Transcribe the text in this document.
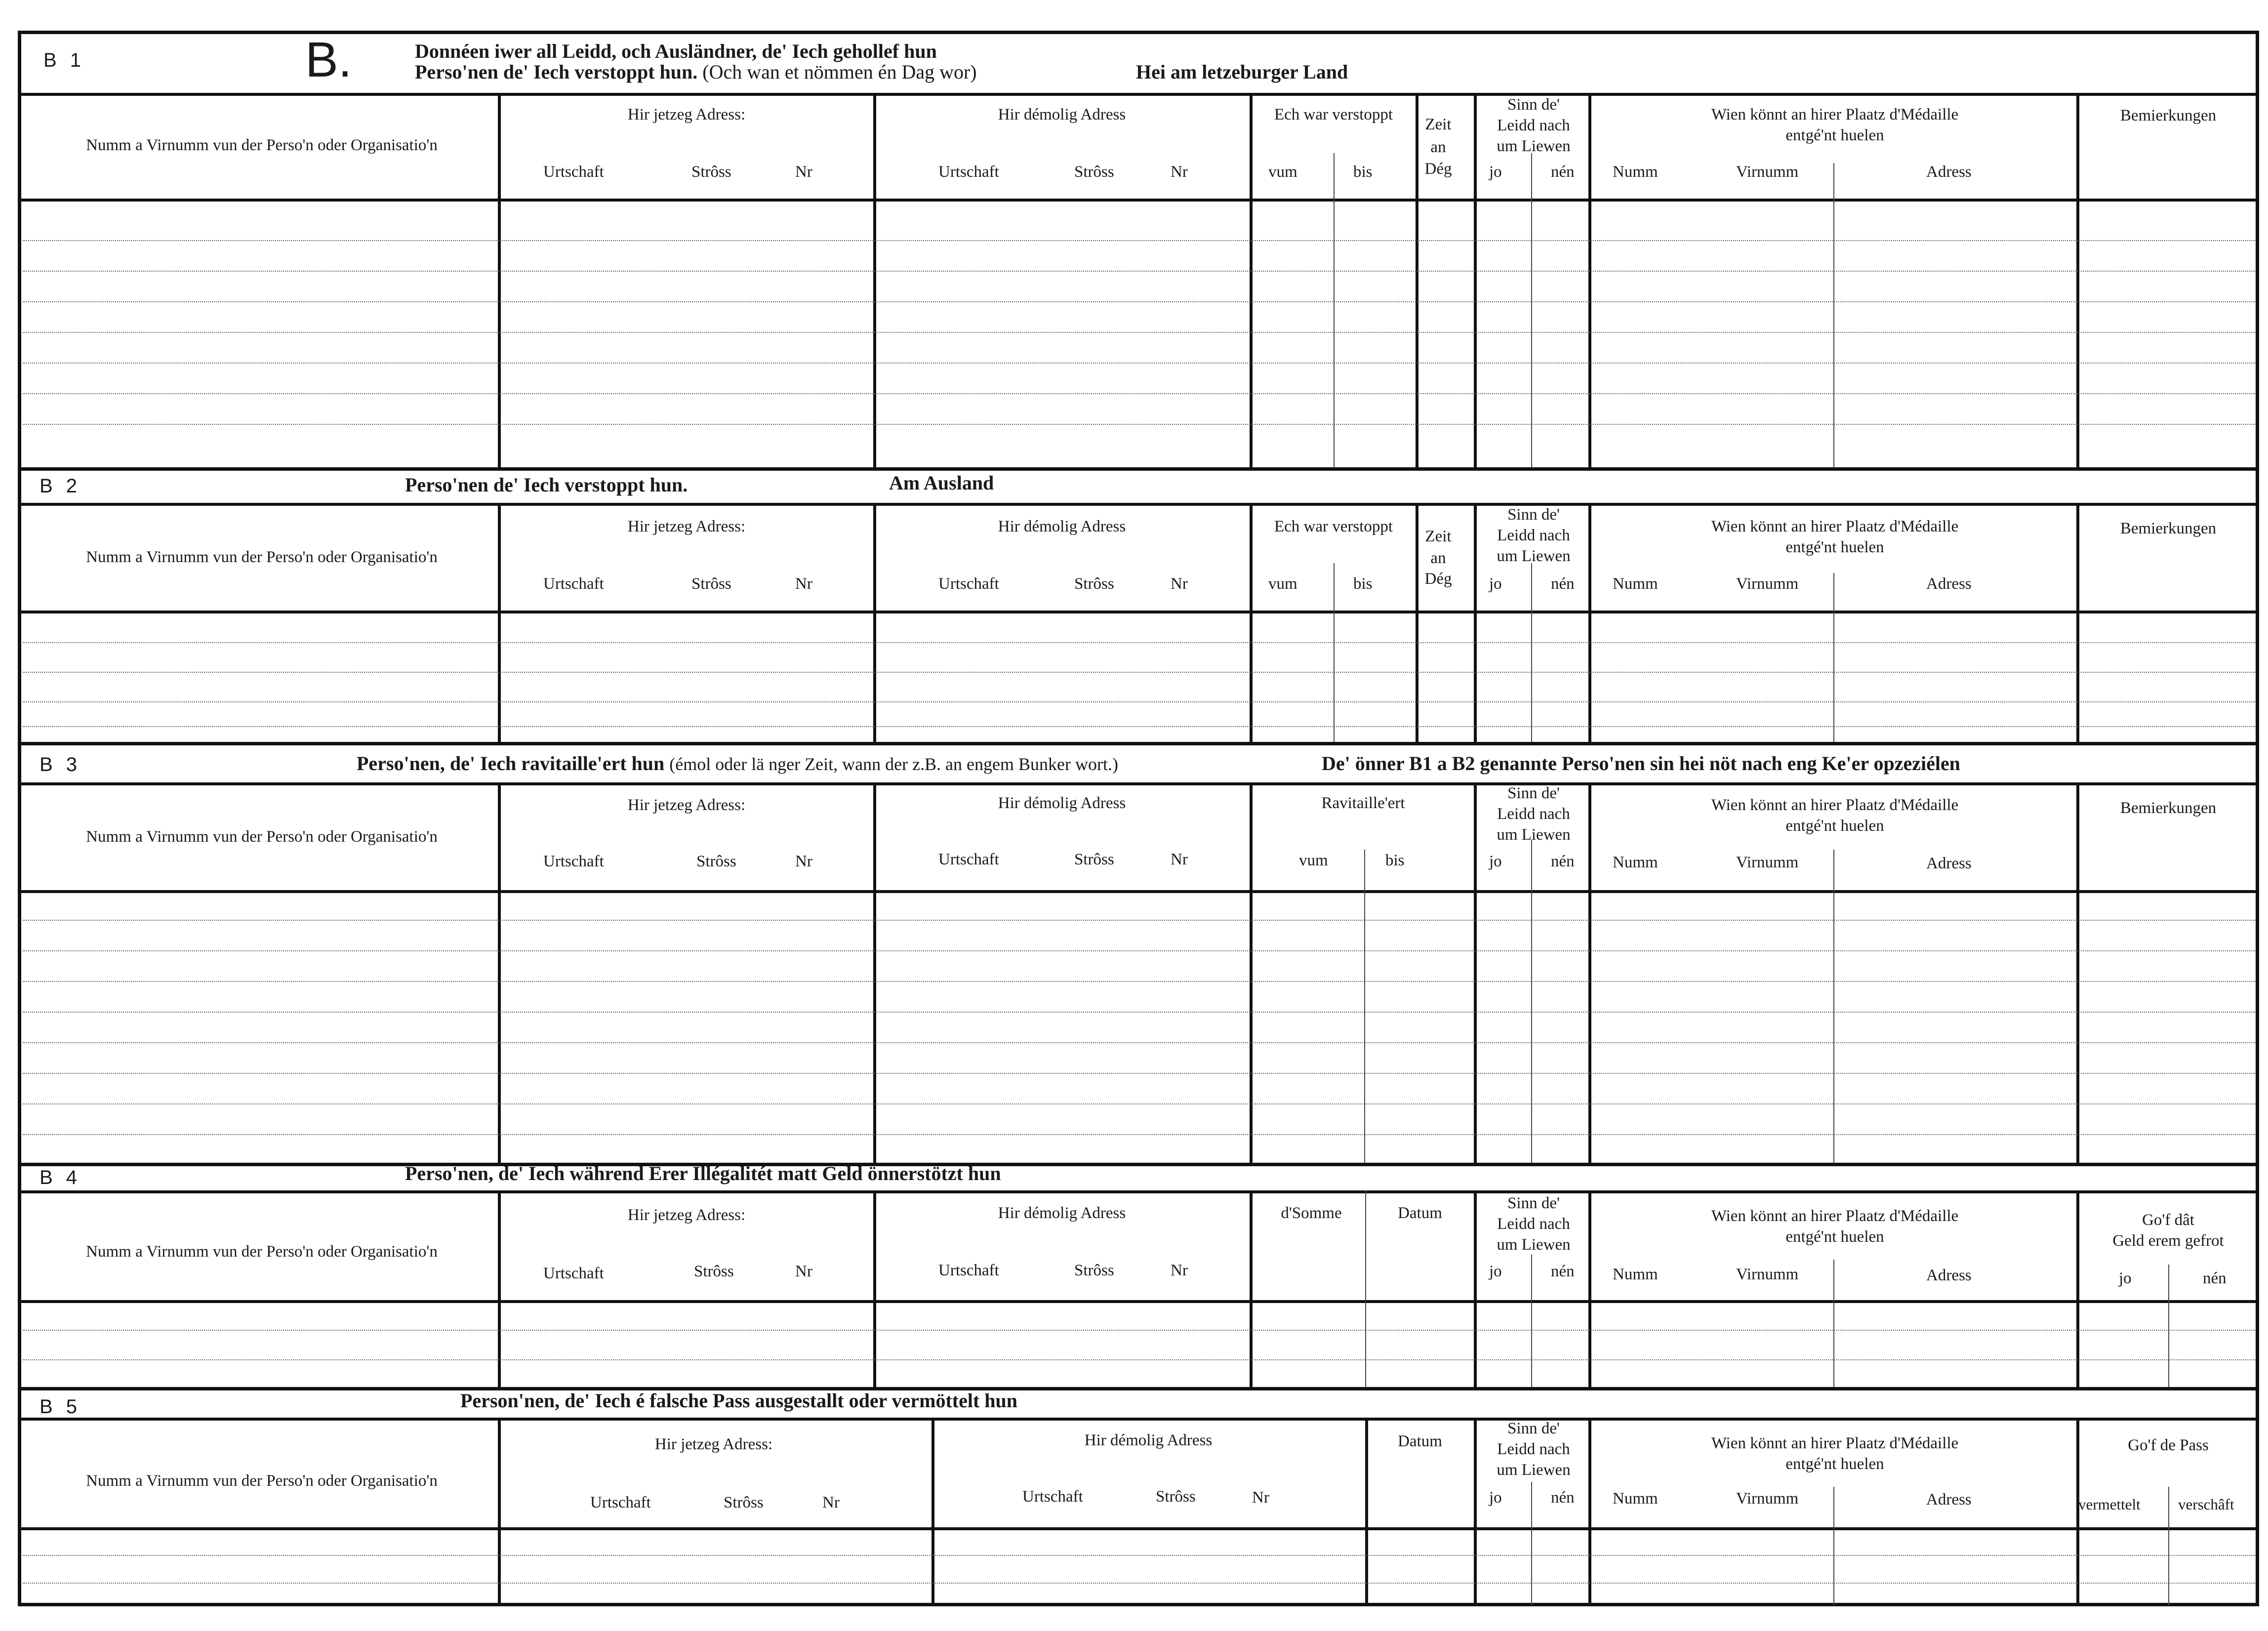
B 1	B.	Donnéen iwer all Leidd, och Ausländner, de' Iech gehollef hun
Perso'nen de' Iech verstoppt hun. (Och wan et nömmen én Dag wor)	Hei am letzeburger Land
Numm a Virnumm vun der Perso'n oder Organisatio'n
Hir jetzeg Adress:
Urtschaft	Strôss	Nr
Hir démolig Adress
Urtschaft	Strôss	Nr
Ech war verstoppt
vum	bis
Zeit
an
Dég
Sinn de'
Leidd nach
um Liewen
jo	nén
Wien könnt an hirer Plaatz d'Médaille
entgé'nt huelen
Numm	Virnumm	Adress
Bemierkungen
B 2	Perso'nen de' Iech verstoppt hun.	Am Ausland
Numm a Virnumm vun der Perso'n oder Organisatio'n
Hir jetzeg Adress:
Urtschaft	Strôss	Nr
Hir démolig Adress
Urtschaft	Strôss	Nr
Ech war verstoppt
vum	bis
Zeit
an
Dég
Sinn de'
Leidd nach
um Liewen
jo	nén
Wien könnt an hirer Plaatz d'Médaille
entgé'nt huelen
Numm	Virnumm	Adress
Bemierkungen
B 3	Perso'nen, de' Iech ravitaille'ert hun (émol oder lä nger Zeit, wann der z.B. an engem Bunker wort.)	De' önner B1 a B2 genannte Perso'nen sin hei nöt nach eng Ke'er opzeziélen
Numm a Virnumm vun der Perso'n oder Organisatio'n
Hir jetzeg Adress:
Urtschaft	Strôss	Nr
Hir démolig Adress
Urtschaft	Strôss	Nr
Ravitaille'ert
vum	bis
Sinn de'
Leidd nach
um Liewen
jo	nén
Wien könnt an hirer Plaatz d'Médaille
entgé'nt huelen
Numm	Virnumm	Adress
Bemierkungen
B 4	Perso'nen, de' Iech während Erer Illégalitét matt Geld önnerstötzt hun
Numm a Virnumm vun der Perso'n oder Organisatio'n
Hir jetzeg Adress:
Urtschaft	Strôss	Nr
Hir démolig Adress
Urtschaft	Strôss	Nr
d'Somme	Datum
Sinn de'
Leidd nach
um Liewen
jo	nén
Wien könnt an hirer Plaatz d'Médaille
entgé'nt huelen
Numm	Virnumm	Adress
Go'f dât
Geld erem gefrot
jo	nén
B 5	Person'nen, de' Iech é falsche Pass ausgestallt oder vermöttelt hun
Numm a Virnumm vun der Perso'n oder Organisatio'n
Hir jetzeg Adress:
Urtschaft	Strôss	Nr
Hir démolig Adress
Urtschaft	Strôss	Nr
Datum
Sinn de'
Leidd nach
um Liewen
jo	nén
Wien könnt an hirer Plaatz d'Médaille
entgé'nt huelen
Numm	Virnumm	Adress
Go'f de Pass
vermettelt verschâft
